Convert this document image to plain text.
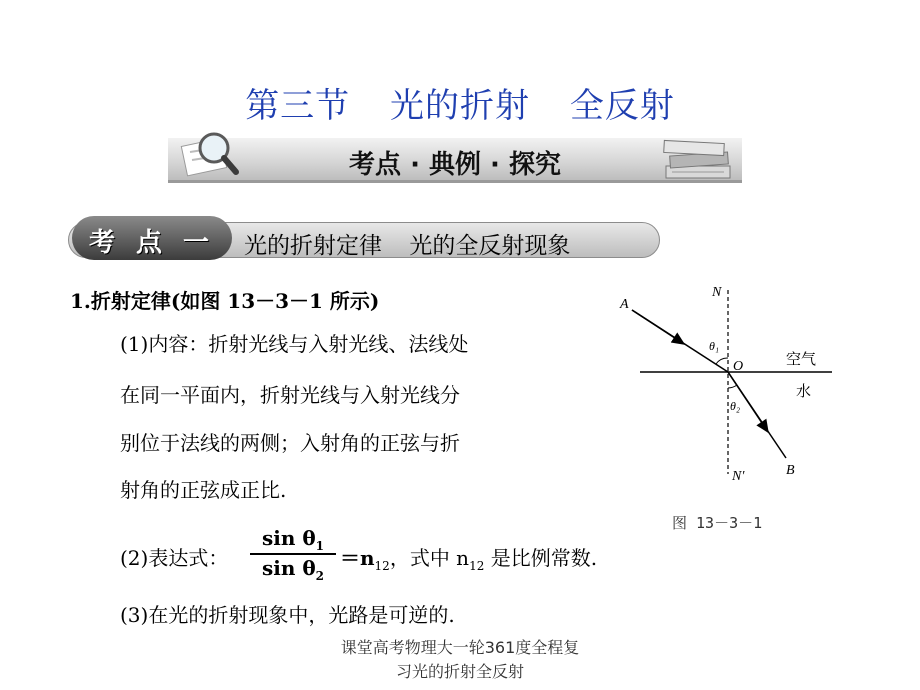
第三节 光的折射 全反射
考点 · 典例 · 探究
考 点 一	光的折射定律 光的全反射现象
1.折射定律(如图 13－3－1 所示)
(1)内容：折射光线与入射光线、法线处
在同一平面内，折射光线与入射光线分
别位于法线的两侧；入射角的正弦与折
射角的正弦成正比.
(2)表达式：
$\sin \theta_1$
$\sin \theta_2$
$=n_{12}$，式中 $n_{12}$ 是比例常数.
(3)在光的折射现象中，光路是可逆的.
A
N
θ₁
O	空气
水
θ₂
N′	B
图 13－3－1
课堂高考物理大一轮361度全程复
习光的折射全反射
